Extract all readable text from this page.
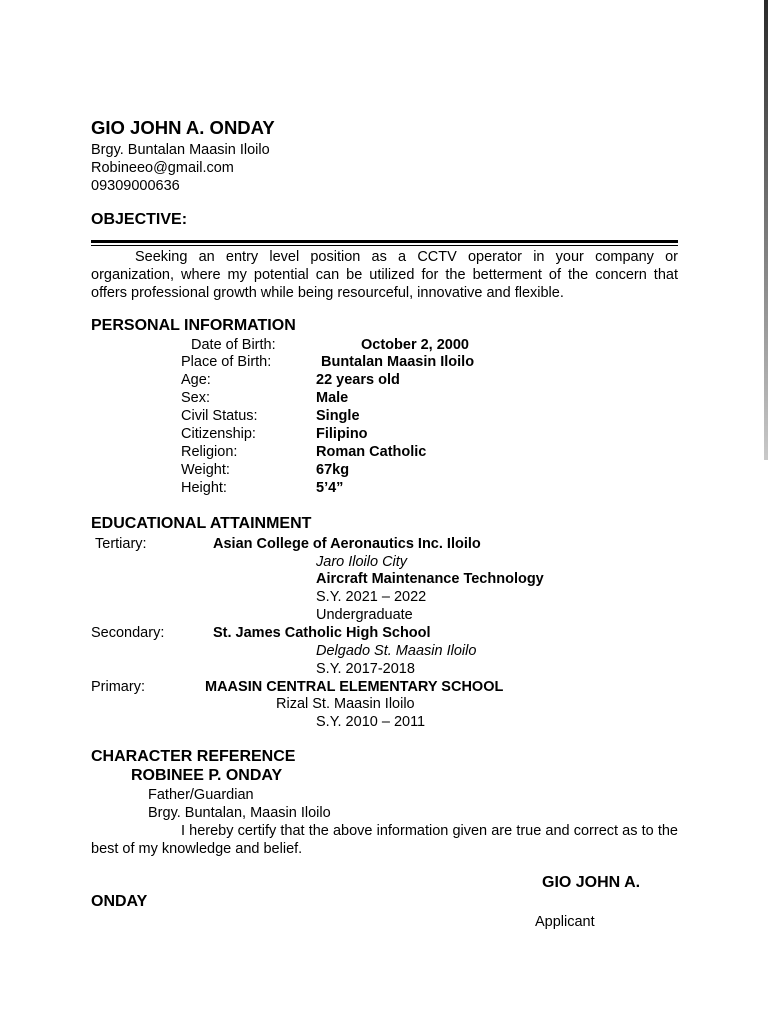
GIO JOHN A. ONDAY
Brgy. Buntalan Maasin Iloilo
Robineeo@gmail.com
09309000636
OBJECTIVE:
Seeking an entry level position as a CCTV operator in your company or organization, where my potential can be utilized for the betterment of the concern that offers professional growth while being resourceful, innovative and flexible.
PERSONAL INFORMATION
Date of Birth:	October 2, 2000
Place of Birth:	Buntalan Maasin Iloilo
Age:	22 years old
Sex:	Male
Civil Status:	Single
Citizenship:	Filipino
Religion:	Roman Catholic
Weight:	67kg
Height:	5’4”
EDUCATIONAL ATTAINMENT
Tertiary:	Asian College of Aeronautics Inc. Iloilo
Jaro Iloilo City
Aircraft Maintenance Technology
S.Y. 2021 – 2022
Undergraduate
Secondary:	St. James Catholic High School
Delgado St. Maasin Iloilo
S.Y. 2017-2018
Primary:	MAASIN CENTRAL ELEMENTARY SCHOOL
Rizal St. Maasin Iloilo
S.Y. 2010 – 2011
CHARACTER REFERENCE
ROBINEE P. ONDAY
Father/Guardian
Brgy. Buntalan, Maasin Iloilo
I hereby certify that the above information given are true and correct as to the best of my knowledge and belief.
GIO JOHN A.
ONDAY
Applicant
